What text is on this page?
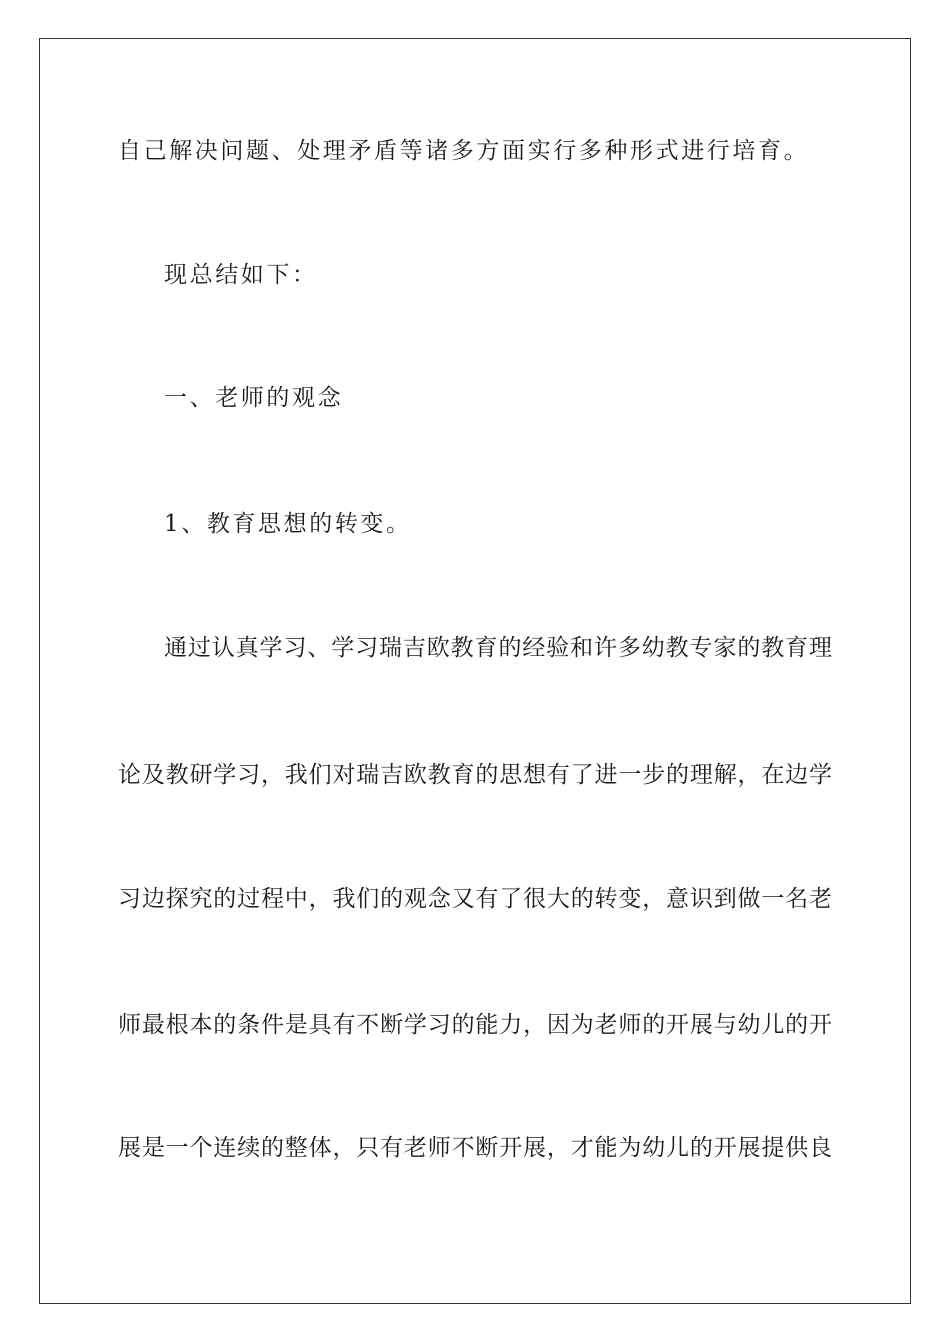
自己解决问题、处理矛盾等诸多方面实行多种形式进行培育。
现总结如下：
一、老师的观念
1、教育思想的转变。
通过认真学习、学习瑞吉欧教育的经验和许多幼教专家的教育理
论及教研学习，我们对瑞吉欧教育的思想有了进一步的理解，在边学
习边探究的过程中，我们的观念又有了很大的转变，意识到做一名老
师最根本的条件是具有不断学习的能力，因为老师的开展与幼儿的开
展是一个连续的整体，只有老师不断开展，才能为幼儿的开展提供良
